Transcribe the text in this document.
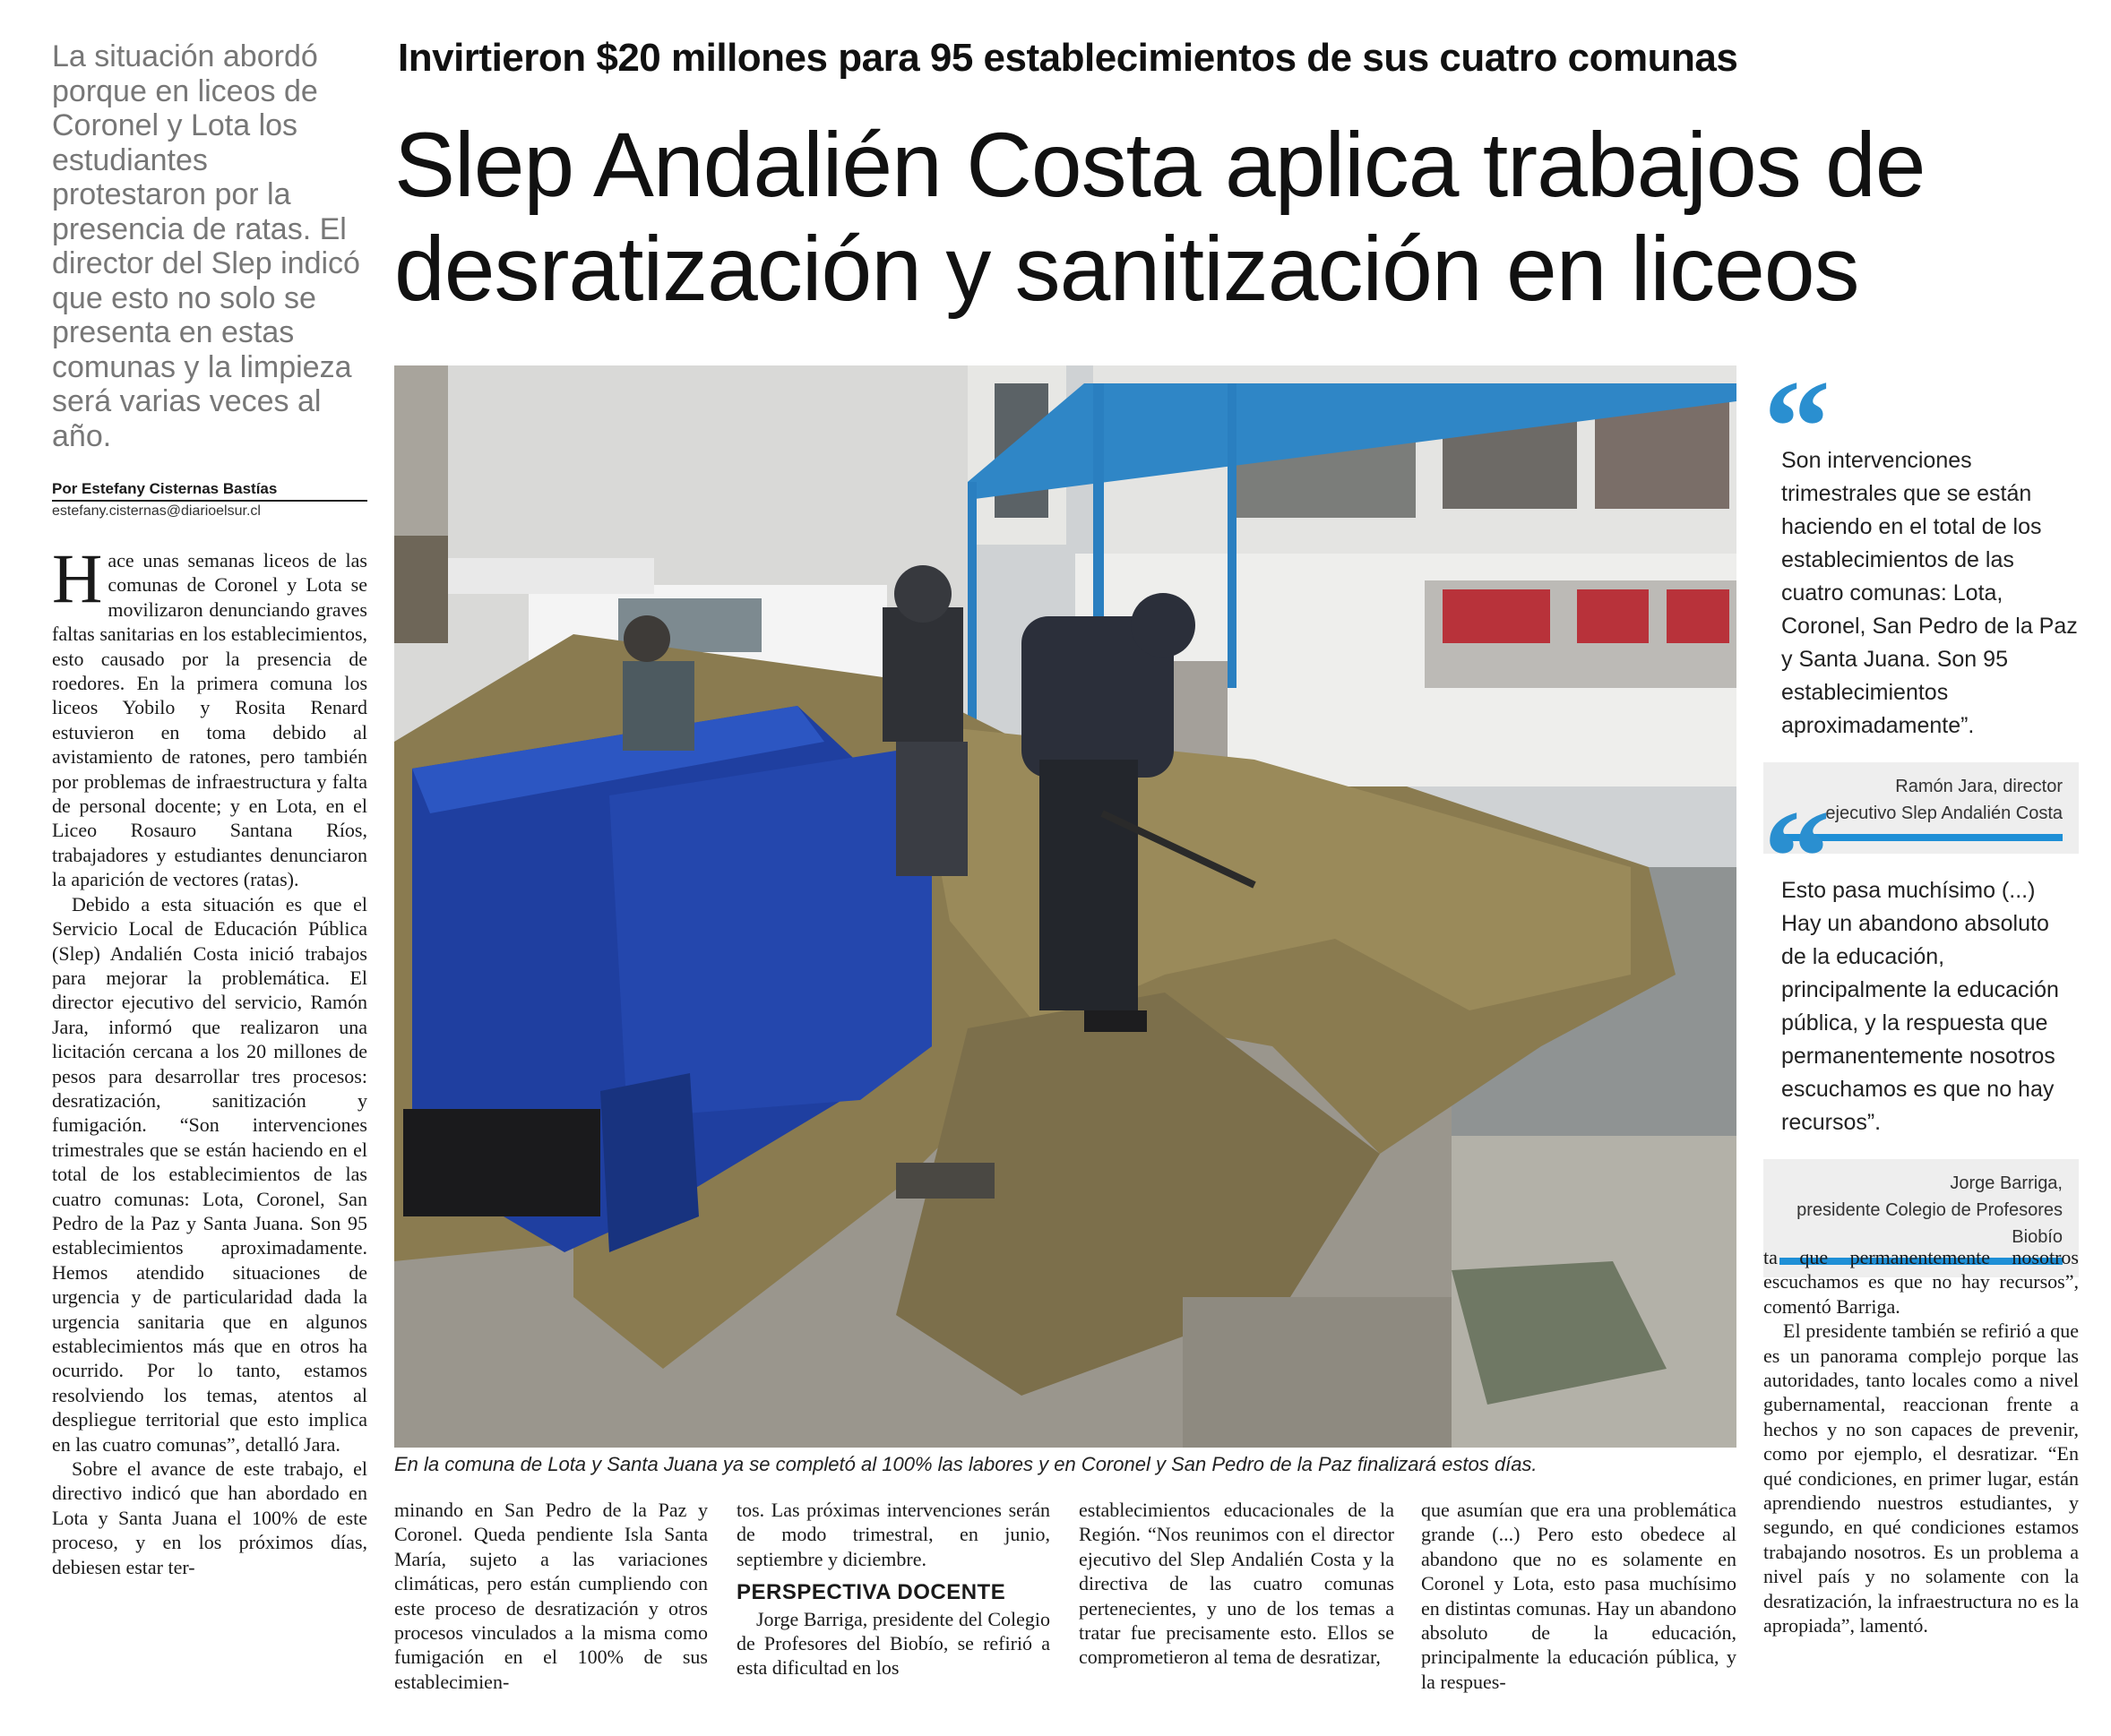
La situación abordó porque en liceos de Coronel y Lota los estudiantes protestaron por la presencia de ratas. El director del Slep indicó que esto no solo se presenta en estas comunas y la limpieza será varias veces al año.
Invirtieron $20 millones para 95 establecimientos de sus cuatro comunas
Slep Andalién Costa aplica trabajos de desratización y sanitización en liceos
Por Estefany Cisternas Bastías
estefany.cisternas@diarioelsur.cl

Hace unas semanas liceos de las comunas de Coronel y Lota se movilizaron denunciando graves faltas sanitarias en los establecimientos, esto causado por la presencia de roedores. En la primera comuna los liceos Yobilo y Rosita Renard estuvieron en toma debido al avistamiento de ratones, pero también por problemas de infraestructura y falta de personal docente; y en Lota, en el Liceo Rosauro Santana Ríos, trabajadores y estudiantes denunciaron la aparición de vectores (ratas).

Debido a esta situación es que el Servicio Local de Educación Pública (Slep) Andalién Costa inició trabajos para mejorar la problemática. El director ejecutivo del servicio, Ramón Jara, informó que realizaron una licitación cercana a los 20 millones de pesos para desarrollar tres procesos: desratización, sanitización y fumigación. “Son intervenciones trimestrales que se están haciendo en el total de los establecimientos de las cuatro comunas: Lota, Coronel, San Pedro de la Paz y Santa Juana. Son 95 establecimientos aproximadamente. Hemos atendido situaciones de urgencia y de particularidad dada la urgencia sanitaria que en algunos establecimientos más que en otros ha ocurrido. Por lo tanto, estamos resolviendo los temas, atentos al despliegue territorial que esto implica en las cuatro comunas”, detalló Jara.

Sobre el avance de este trabajo, el directivo indicó que han abordado en Lota y Santa Juana el 100% de este proceso, y en los próximos días, debiesen estar ter-

En la comuna de Lota y Santa Juana ya se completó al 100% las labores y en Coronel y San Pedro de la Paz finalizará estos días.
“
Son intervenciones trimestrales que se están haciendo en el total de los establecimientos de las cuatro comunas: Lota, Coronel, San Pedro de la Paz y Santa Juana. Son 95 establecimientos aproximadamente”.
Ramón Jara, director
ejecutivo Slep Andalién Costa
“
Esto pasa muchísimo (...) Hay un abandono absoluto de la educación, principalmente la educación pública, y la respuesta que permanentemente nosotros escuchamos es que no hay recursos”.
Jorge Barriga,
presidente Colegio de Profesores Biobío

minando en San Pedro de la Paz y Coronel. Queda pendiente Isla Santa María, sujeto a las variaciones climáticas, pero están cumpliendo con este proceso de desratización y otros procesos vinculados a la misma como fumigación en el 100% de sus establecimien-

tos. Las próximas intervenciones serán de modo trimestral, en junio, septiembre y diciembre.

PERSPECTIVA DOCENTE

Jorge Barriga, presidente del Colegio de Profesores del Biobío, se refirió a esta dificultad en los

establecimientos educacionales de la Región. “Nos reunimos con el director ejecutivo del Slep Andalién Costa y la directiva de las cuatro comunas pertenecientes, y uno de los temas a tratar fue precisamente esto. Ellos se comprometieron al tema de desratizar,

que asumían que era una problemática grande (...) Pero esto obedece al abandono que no es solamente en Coronel y Lota, esto pasa muchísimo en distintas comunas. Hay un abandono absoluto de la educación, principalmente la educación pública, y la respues-

ta que permanentemente nosotros escuchamos es que no hay recursos”, comentó Barriga.

El presidente también se refirió a que es un panorama complejo porque las autoridades, tanto locales como a nivel gubernamental, reaccionan frente a hechos y no son capaces de prevenir, como por ejemplo, el desratizar. “En qué condiciones, en primer lugar, están aprendiendo nuestros estudiantes, y segundo, en qué condiciones estamos trabajando nosotros. Es un problema a nivel país y no solamente con la desratización, la infraestructura no es la apropiada”, lamentó.
